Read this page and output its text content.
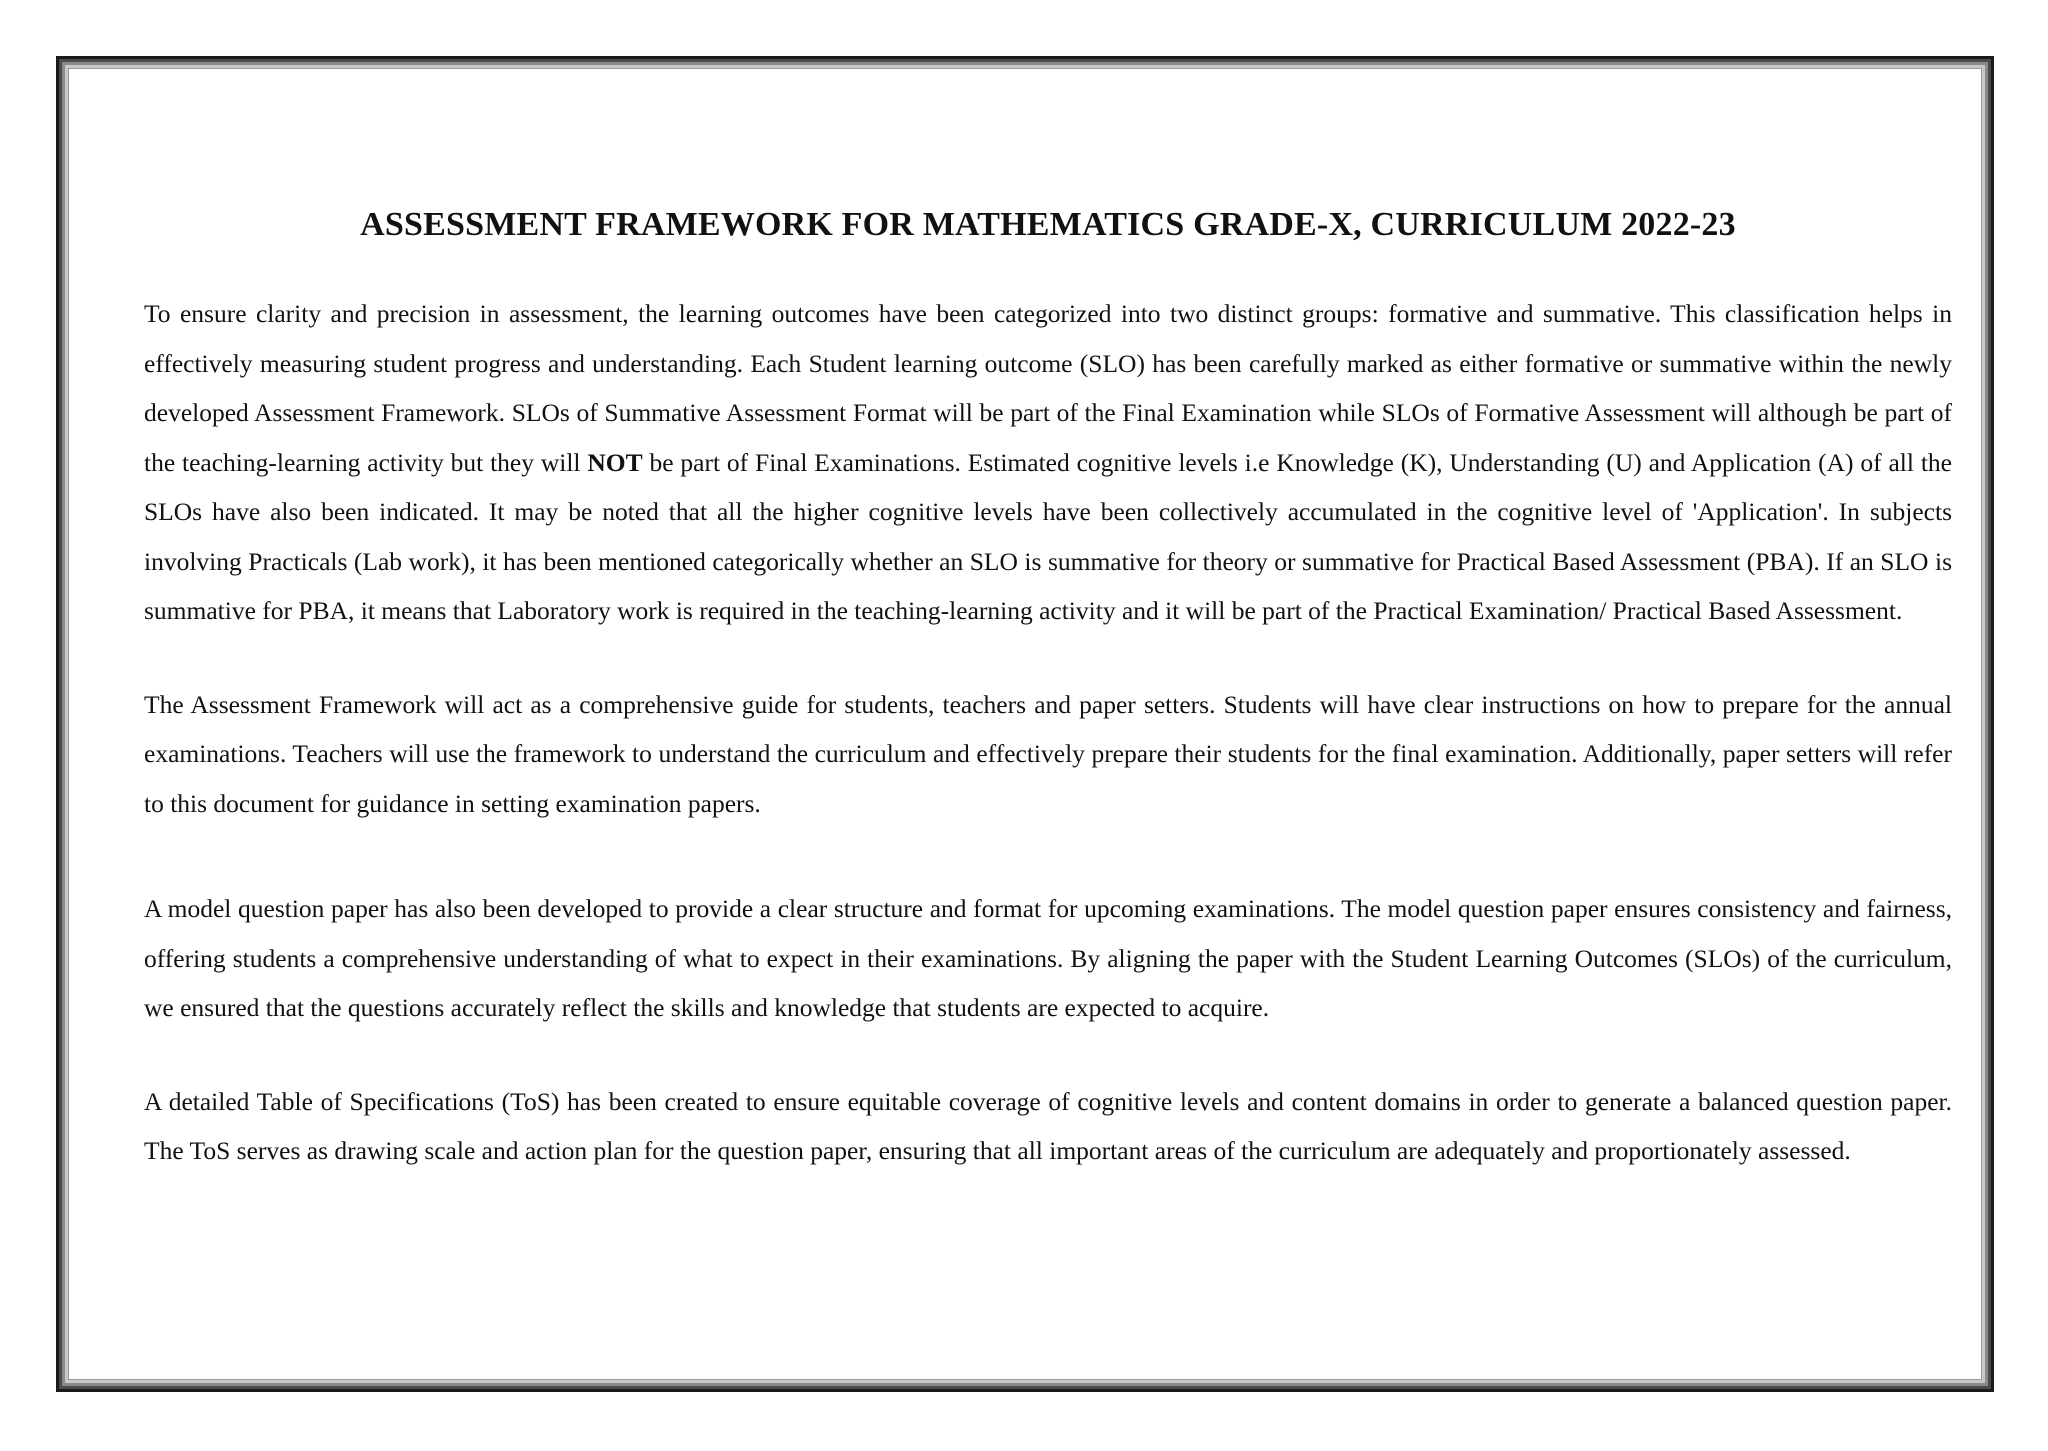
ASSESSMENT FRAMEWORK FOR MATHEMATICS GRADE-X, CURRICULUM 2022-23

To ensure clarity and precision in assessment, the learning outcomes have been categorized into two distinct groups: formative and summative. This classification helps in effectively measuring student progress and understanding. Each Student learning outcome (SLO) has been carefully marked as either formative or summative within the newly developed Assessment Framework. SLOs of Summative Assessment Format will be part of the Final Examination while SLOs of Formative Assessment will although be part of the teaching-learning activity but they will NOT be part of Final Examinations. Estimated cognitive levels i.e Knowledge (K), Understanding (U) and Application (A) of all the SLOs have also been indicated. It may be noted that all the higher cognitive levels have been collectively accumulated in the cognitive level of 'Application'. In subjects involving Practicals (Lab work), it has been mentioned categorically whether an SLO is summative for theory or summative for Practical Based Assessment (PBA). If an SLO is summative for PBA, it means that Laboratory work is required in the teaching-learning activity and it will be part of the Practical Examination/ Practical Based Assessment.

The Assessment Framework will act as a comprehensive guide for students, teachers and paper setters. Students will have clear instructions on how to prepare for the annual examinations. Teachers will use the framework to understand the curriculum and effectively prepare their students for the final examination. Additionally, paper setters will refer to this document for guidance in setting examination papers.

A model question paper has also been developed to provide a clear structure and format for upcoming examinations. The model question paper ensures consistency and fairness, offering students a comprehensive understanding of what to expect in their examinations. By aligning the paper with the Student Learning Outcomes (SLOs) of the curriculum, we ensured that the questions accurately reflect the skills and knowledge that students are expected to acquire.

A detailed Table of Specifications (ToS) has been created to ensure equitable coverage of cognitive levels and content domains in order to generate a balanced question paper. The ToS serves as drawing scale and action plan for the question paper, ensuring that all important areas of the curriculum are adequately and proportionately assessed.
